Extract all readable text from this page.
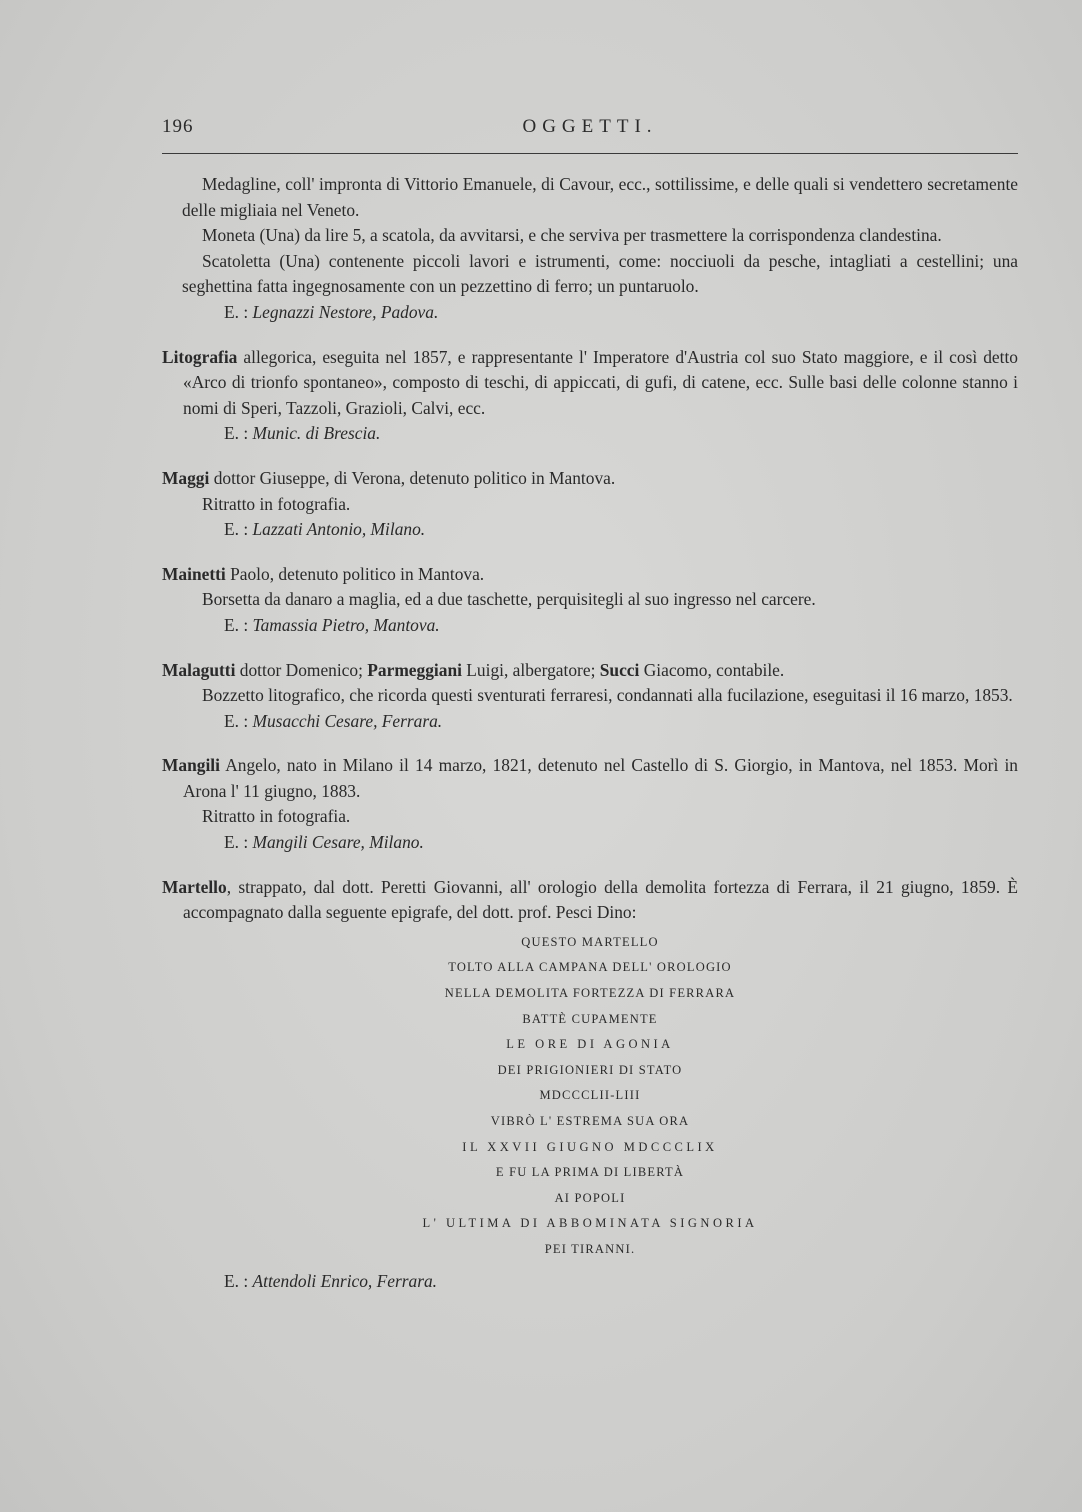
196	OGGETTI.

Medagline, coll' impronta di Vittorio Emanuele, di Cavour, ecc., sottilissime, e delle quali si vendettero secretamente delle migliaia nel Veneto.

Moneta (Una) da lire 5, a scatola, da avvitarsi, e che serviva per trasmettere la corrispondenza clandestina.

Scatoletta (Una) contenente piccoli lavori e istrumenti, come: nocciuoli da pesche, intagliati a cestellini; una seghettina fatta ingegnosamente con un pezzettino di ferro; un puntaruolo.

E. : Legnazzi Nestore, Padova.

Litografia allegorica, eseguita nel 1857, e rappresentante l' Imperatore d'Austria col suo Stato maggiore, e il così detto «Arco di trionfo spontaneo», composto di teschi, di appiccati, di gufi, di catene, ecc. Sulle basi delle colonne stanno i nomi di Speri, Tazzoli, Grazioli, Calvi, ecc.

E. : Munic. di Brescia.

Maggi dottor Giuseppe, di Verona, detenuto politico in Mantova.

Ritratto in fotografia.

E. : Lazzati Antonio, Milano.

Mainetti Paolo, detenuto politico in Mantova.

Borsetta da danaro a maglia, ed a due taschette, perquisitegli al suo ingresso nel carcere.

E. : Tamassia Pietro, Mantova.

Malagutti dottor Domenico; Parmeggiani Luigi, albergatore; Succi Giacomo, contabile.

Bozzetto litografico, che ricorda questi sventurati ferraresi, condannati alla fucilazione, eseguitasi il 16 marzo, 1853.

E. : Musacchi Cesare, Ferrara.

Mangili Angelo, nato in Milano il 14 marzo, 1821, detenuto nel Castello di S. Giorgio, in Mantova, nel 1853. Morì in Arona l' 11 giugno, 1883.

Ritratto in fotografia.

E. : Mangili Cesare, Milano.

Martello, strappato, dal dott. Peretti Giovanni, all' orologio della demolita fortezza di Ferrara, il 21 giugno, 1859. È accompagnato dalla seguente epigrafe, del dott. prof. Pesci Dino:

QUESTO MARTELLO
TOLTO ALLA CAMPANA DELL' OROLOGIO
NELLA DEMOLITA FORTEZZA DI FERRARA
BATTÈ CUPAMENTE
LE ORE DI AGONIA
DEI PRIGIONIERI DI STATO
MDCCCLII-LIII
VIBRÒ L' ESTREMA SUA ORA
IL XXVII GIUGNO MDCCCLIX
E FU LA PRIMA DI LIBERTÀ
AI POPOLI
L' ULTIMA DI ABBOMINATA SIGNORIA
PEI TIRANNI.

E. : Attendoli Enrico, Ferrara.
